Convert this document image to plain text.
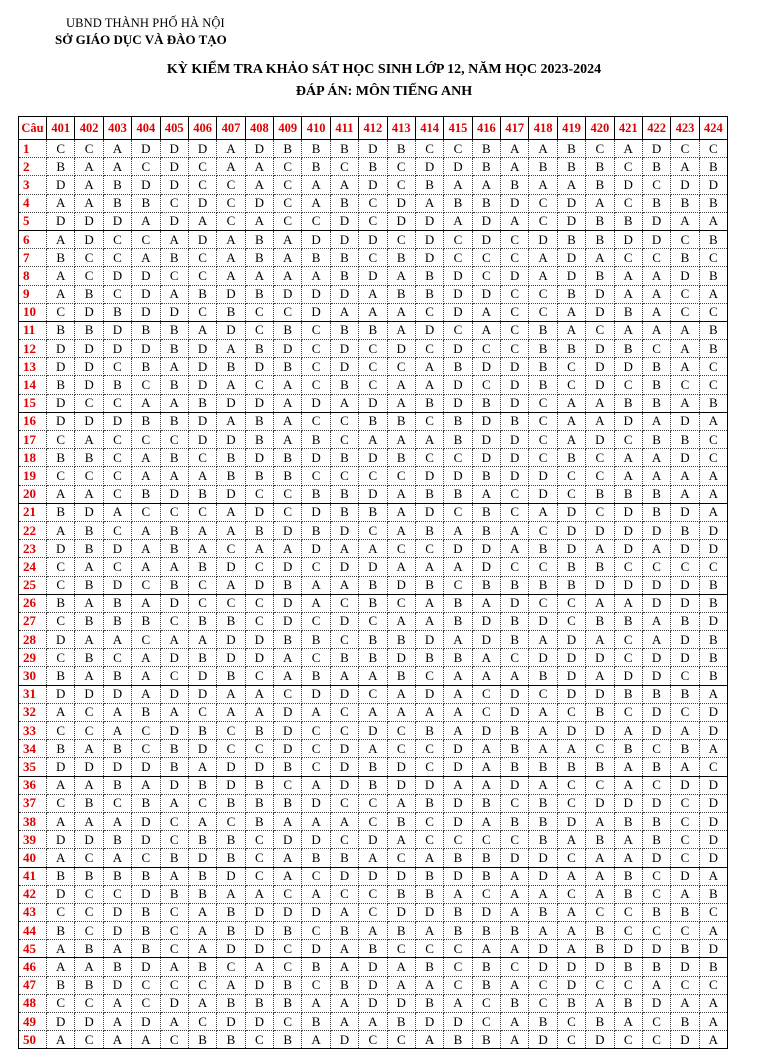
UBND THÀNH PHỐ HÀ NỘI
SỞ GIÁO DỤC VÀ ĐÀO TẠO
KỲ KIỂM TRA KHẢO SÁT HỌC SINH LỚP 12, NĂM HỌC 2023-2024
ĐÁP ÁN: MÔN TIẾNG ANH
Câu	401	402	403	404	405	406	407	408	409	410	411	412	413	414	415	416	417	418	419	420	421	422	423	424
1	C	C	A	D	D	D	A	D	B	B	B	D	B	C	C	B	A	A	B	C	A	D	C	C
2	B	A	A	C	D	C	A	A	C	B	C	B	C	D	D	B	A	B	B	B	C	B	A	B
3	D	A	B	D	D	C	C	A	C	A	A	D	C	B	A	A	B	A	A	B	D	C	D	D
4	A	A	B	B	C	D	C	D	C	A	B	C	D	A	B	B	D	C	D	A	C	B	B	B
5	D	D	D	A	D	A	C	A	C	C	D	C	D	D	A	D	A	C	D	B	B	D	A	A
6	A	D	C	C	A	D	A	B	A	D	D	D	C	D	C	D	C	D	B	B	D	D	C	B
7	B	C	C	A	B	C	A	B	A	B	B	C	B	D	C	C	C	A	D	A	C	C	B	C
8	A	C	D	D	C	C	A	A	A	A	B	D	A	B	D	C	D	A	D	B	A	A	D	B
9	A	B	C	D	A	B	D	B	D	D	D	A	B	B	D	D	C	C	B	D	A	A	C	A
10	C	D	B	D	D	C	B	C	C	D	A	A	A	C	D	A	C	C	A	D	B	A	C	C
11	B	B	D	B	B	A	D	C	B	C	B	B	A	D	C	A	C	B	A	C	A	A	A	B
12	D	D	D	D	B	D	A	B	D	C	D	C	D	C	D	C	C	B	B	D	B	C	A	B
13	D	D	C	B	A	D	B	D	B	C	D	C	C	A	B	D	D	B	C	D	D	B	A	C
14	B	D	B	C	B	D	A	C	A	C	B	C	A	A	D	C	D	B	C	D	C	B	C	C
15	D	C	C	A	A	B	D	D	A	D	A	D	A	B	D	B	D	C	A	A	B	B	A	B
16	D	D	D	B	B	D	A	B	A	C	C	B	B	C	B	D	B	C	A	A	D	A	D	A
17	C	A	C	C	C	D	D	B	A	B	C	A	A	A	B	D	D	C	A	D	C	B	B	C
18	B	B	C	A	B	C	B	D	B	D	B	D	B	C	C	D	D	C	B	C	A	A	D	C
19	C	C	C	A	A	A	B	B	B	C	C	C	C	D	D	B	D	D	C	C	A	A	A	A
20	A	A	C	B	D	B	D	C	C	B	B	D	A	B	B	A	C	D	C	B	B	B	A	A
21	B	D	A	C	C	C	A	D	C	D	B	B	A	D	C	B	C	A	D	C	D	B	D	A
22	A	B	C	A	B	A	A	B	D	B	D	C	A	B	A	B	A	C	D	D	D	D	B	D
23	D	B	D	A	B	A	C	A	A	D	A	A	C	C	D	D	A	B	D	A	D	A	D	D
24	C	A	C	A	A	B	D	C	D	C	D	D	A	A	A	D	C	C	B	B	C	C	C	C
25	C	B	D	C	B	C	A	D	B	A	A	B	D	B	C	B	B	B	B	D	D	D	D	B
26	B	A	B	A	D	C	C	C	D	A	C	B	C	A	B	A	D	C	C	A	A	D	D	B
27	C	B	B	B	C	B	B	C	D	C	D	C	A	A	B	D	B	D	C	B	B	A	B	D
28	D	A	A	C	A	A	D	D	B	B	C	B	B	D	A	D	B	A	D	A	C	A	D	B
29	C	B	C	A	D	B	D	D	A	C	B	B	D	B	B	A	C	D	D	D	C	D	D	B
30	B	A	B	A	C	D	B	C	A	B	A	A	B	C	A	A	A	B	D	A	D	D	C	B
31	D	D	D	A	D	D	A	A	C	D	D	C	A	D	A	C	D	C	D	D	B	B	B	A
32	A	C	A	B	A	C	A	A	D	A	C	A	A	A	A	C	D	A	C	B	C	D	C	D
33	C	C	A	C	D	B	C	B	D	C	C	D	C	B	A	D	B	A	D	D	A	D	A	D
34	B	A	B	C	B	D	C	C	D	C	D	A	C	C	D	A	B	A	A	C	B	C	B	A
35	D	D	D	D	B	A	D	D	B	C	D	B	D	C	D	A	B	B	B	B	A	B	A	C
36	A	A	B	A	D	B	D	B	C	A	D	B	D	D	A	A	D	A	C	C	A	C	D	D
37	C	B	C	B	A	C	B	B	B	D	C	C	A	B	D	B	C	B	C	D	D	D	C	D
38	A	A	A	D	C	A	C	B	A	A	A	C	B	C	D	A	B	B	D	A	B	B	C	D
39	D	D	B	D	C	B	B	C	D	D	C	D	A	C	C	C	C	B	A	B	A	B	C	D
40	A	C	A	C	B	D	B	C	A	B	B	A	C	A	B	B	D	D	C	A	A	D	C	D
41	B	B	B	B	A	B	D	C	A	C	D	D	D	B	D	B	A	D	A	A	B	C	D	A
42	D	C	C	D	B	B	A	A	C	A	C	C	B	B	A	C	A	A	C	A	B	C	A	B
43	C	C	D	B	C	A	B	D	D	D	A	C	D	D	B	D	A	B	A	C	C	B	B	C
44	B	C	D	B	C	A	B	D	B	C	B	A	B	A	B	B	B	A	A	B	C	C	C	A
45	A	B	A	B	C	A	D	D	C	D	A	B	C	C	C	A	A	D	A	B	D	D	B	D
46	A	A	B	D	A	B	C	A	C	B	A	D	A	B	C	B	C	D	D	D	B	B	D	B
47	B	B	D	C	C	C	A	D	B	C	B	D	A	A	C	B	A	C	D	C	C	A	C	C
48	C	C	A	C	D	A	B	B	B	A	A	D	D	B	A	C	B	C	B	A	B	D	A	A
49	D	D	A	D	A	C	D	D	C	B	A	A	B	D	D	C	A	B	C	B	A	C	B	A
50	A	C	A	A	C	B	B	C	B	A	D	C	C	A	B	B	A	D	C	D	C	C	D	A
